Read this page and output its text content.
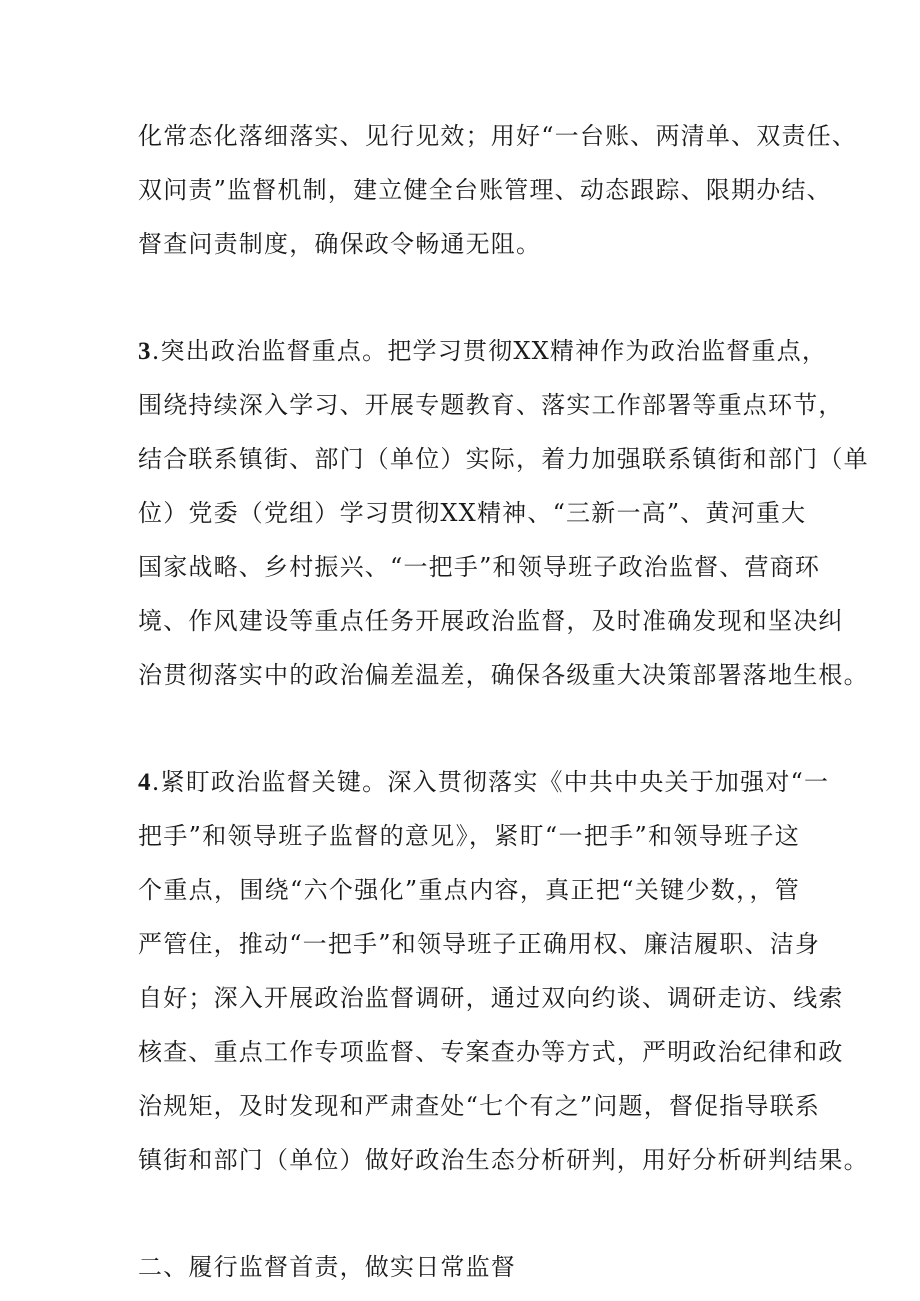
化常态化落细落实、见行见效；用好“一台账、两清单、双责任、
双问责”监督机制，建立健全台账管理、动态跟踪、限期办结、
督查问责制度，确保政令畅通无阻。
3.突出政治监督重点。把学习贯彻XX精神作为政治监督重点，
围绕持续深入学习、开展专题教育、落实工作部署等重点环节，
结合联系镇街、部门（单位）实际，着力加强联系镇街和部门（单
位）党委（党组）学习贯彻XX精神、“三新一高”、黄河重大
国家战略、乡村振兴、“一把手”和领导班子政治监督、营商环
境、作风建设等重点任务开展政治监督，及时准确发现和坚决纠
治贯彻落实中的政治偏差温差，确保各级重大决策部署落地生根。
4.紧盯政治监督关键。深入贯彻落实《中共中央关于加强对“一
把手”和领导班子监督的意见》，紧盯“一把手”和领导班子这
个重点，围绕“六个强化”重点内容，真正把“关键少数，，管
严管住，推动“一把手”和领导班子正确用权、廉洁履职、洁身
自好；深入开展政治监督调研，通过双向约谈、调研走访、线索
核查、重点工作专项监督、专案查办等方式，严明政治纪律和政
治规矩，及时发现和严肃查处“七个有之”问题，督促指导联系
镇街和部门（单位）做好政治生态分析研判，用好分析研判结果。
二、履行监督首责，做实日常监督
